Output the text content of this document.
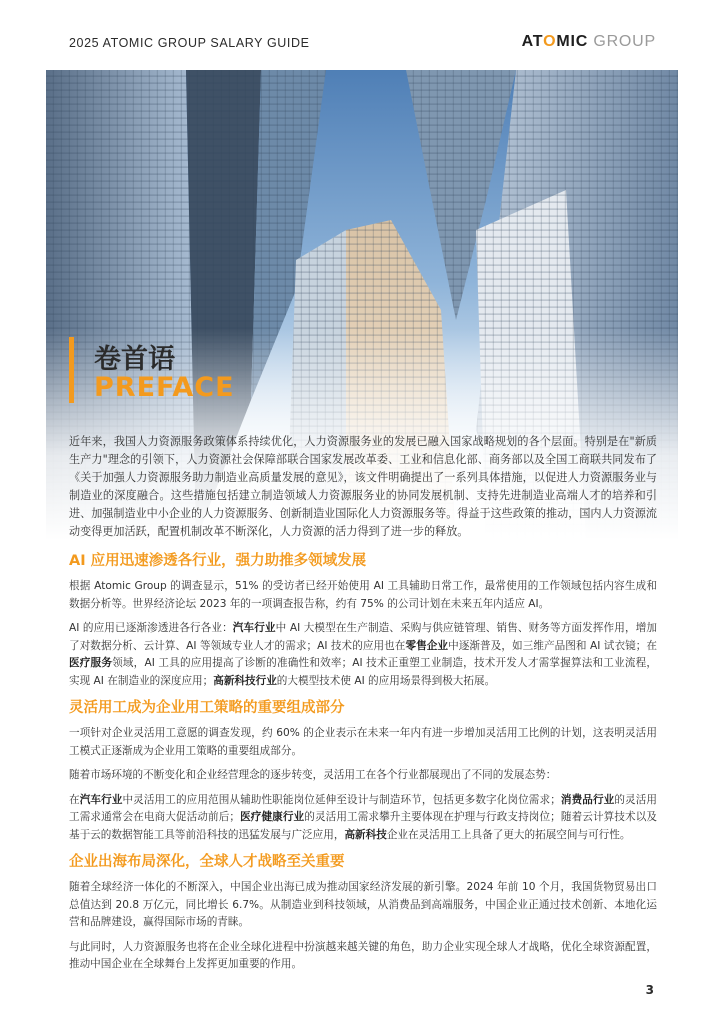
2025 ATOMIC GROUP SALARY GUIDE	ATOMIC GROUP
卷首语
PREFACE
近年来，我国人力资源服务政策体系持续优化，人力资源服务业的发展已融入国家战略规划的各个层面。特别是在"新质生产力"理念的引领下，人力资源社会保障部联合国家发展改革委、工业和信息化部、商务部以及全国工商联共同发布了《关于加强人力资源服务助力制造业高质量发展的意见》，该文件明确提出了一系列具体措施，以促进人力资源服务业与制造业的深度融合。这些措施包括建立制造领域人力资源服务业的协同发展机制、支持先进制造业高端人才的培养和引进、加强制造业中小企业的人力资源服务、创新制造业国际化人力资源服务等。得益于这些政策的推动，国内人力资源流动变得更加活跃，配置机制改革不断深化，人力资源的活力得到了进一步的释放。
AI 应用迅速渗透各行业，强力助推多领域发展
根据 Atomic Group 的调查显示，51% 的受访者已经开始使用 AI 工具辅助日常工作，最常使用的工作领域包括内容生成和数据分析等。世界经济论坛 2023 年的一项调查报告称，约有 75% 的公司计划在未来五年内适应 AI。
AI 的应用已逐渐渗透进各行各业：汽车行业中 AI 大模型在生产制造、采购与供应链管理、销售、财务等方面发挥作用，增加了对数据分析、云计算、AI 等领域专业人才的需求；AI 技术的应用也在零售企业中逐渐普及，如三维产品图和 AI 试衣镜；在医疗服务领域，AI 工具的应用提高了诊断的准确性和效率；AI 技术正重塑工业制造，技术开发人才需掌握算法和工业流程，实现 AI 在制造业的深度应用；高新科技行业的大模型技术使 AI 的应用场景得到极大拓展。
灵活用工成为企业用工策略的重要组成部分
一项针对企业灵活用工意愿的调查发现，约 60% 的企业表示在未来一年内有进一步增加灵活用工比例的计划，这表明灵活用工模式正逐渐成为企业用工策略的重要组成部分。
随着市场环境的不断变化和企业经营理念的逐步转变，灵活用工在各个行业都展现出了不同的发展态势：
在汽车行业中灵活用工的应用范围从辅助性职能岗位延伸至设计与制造环节，包括更多数字化岗位需求；消费品行业的灵活用工需求通常会在电商大促活动前后；医疗健康行业的灵活用工需求攀升主要体现在护理与行政支持岗位；随着云计算技术以及基于云的数据智能工具等前沿科技的迅猛发展与广泛应用，高新科技企业在灵活用工上具备了更大的拓展空间与可行性。
企业出海布局深化，全球人才战略至关重要
随着全球经济一体化的不断深入，中国企业出海已成为推动国家经济发展的新引擎。2024 年前 10 个月，我国货物贸易出口总值达到 20.8 万亿元，同比增长 6.7%。从制造业到科技领域，从消费品到高端服务，中国企业正通过技术创新、本地化运营和品牌建设，赢得国际市场的青睐。
与此同时，人力资源服务也将在企业全球化进程中扮演越来越关键的角色，助力企业实现全球人才战略，优化全球资源配置，推动中国企业在全球舞台上发挥更加重要的作用。
3
